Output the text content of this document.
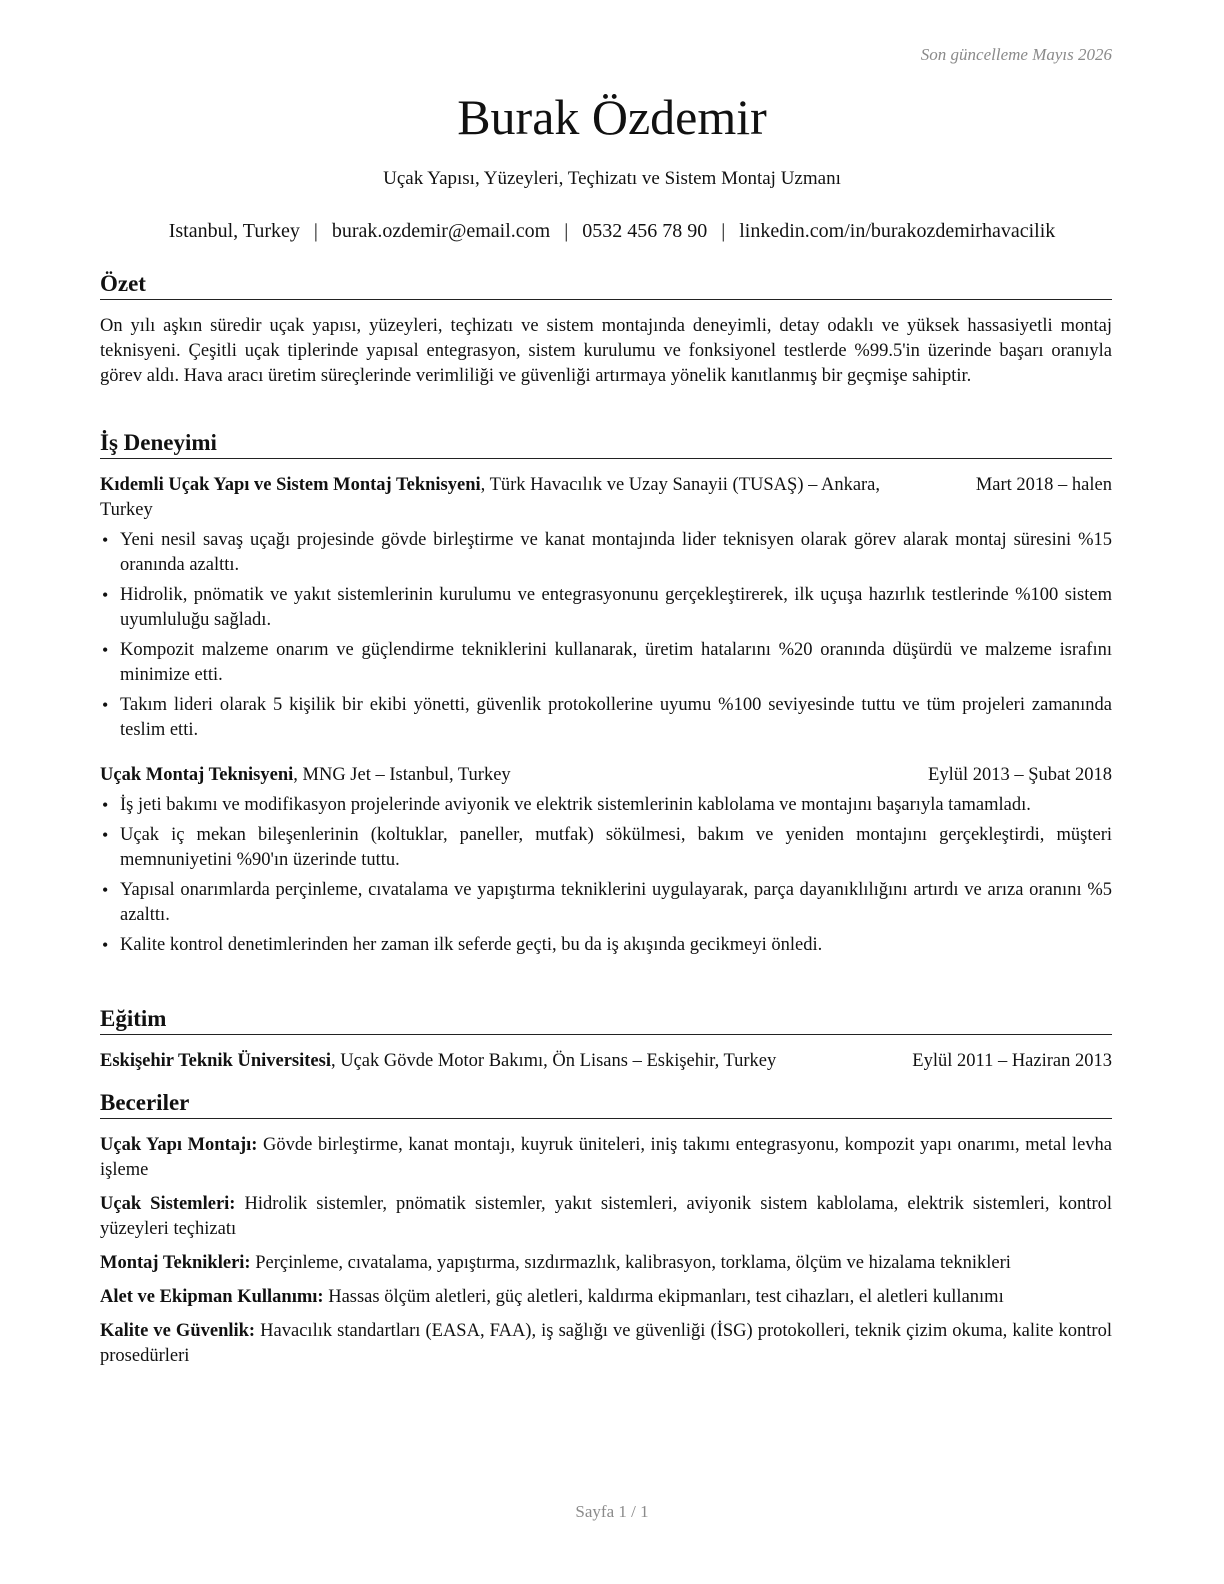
Son güncelleme Mayıs 2026
Burak Özdemir
Uçak Yapısı, Yüzeyleri, Teçhizatı ve Sistem Montaj Uzmanı
Istanbul, Turkey | burak.ozdemir@email.com | 0532 456 78 90 | linkedin.com/in/burakozdemirhavacilik
Özet
On yılı aşkın süredir uçak yapısı, yüzeyleri, teçhizatı ve sistem montajında deneyimli, detay odaklı ve yüksek hassasiyetli montaj teknisyeni. Çeşitli uçak tiplerinde yapısal entegrasyon, sistem kurulumu ve fonksiyonel testlerde %99.5'in üzerinde başarı oranıyla görev aldı. Hava aracı üretim süreçlerinde verimliliği ve güvenliği artırmaya yönelik kanıtlanmış bir geçmişe sahiptir.
İş Deneyimi
Kıdemli Uçak Yapı ve Sistem Montaj Teknisyeni, Türk Havacılık ve Uzay Sanayii (TUSAŞ) – Ankara, Turkey
Mart 2018 – halen
• Yeni nesil savaş uçağı projesinde gövde birleştirme ve kanat montajında lider teknisyen olarak görev alarak montaj süresini %15 oranında azalttı.
• Hidrolik, pnömatik ve yakıt sistemlerinin kurulumu ve entegrasyonunu gerçekleştirerek, ilk uçuşa hazırlık testlerinde %100 sistem uyumluluğu sağladı.
• Kompozit malzeme onarım ve güçlendirme tekniklerini kullanarak, üretim hatalarını %20 oranında düşürdü ve malzeme israfını minimize etti.
• Takım lideri olarak 5 kişilik bir ekibi yönetti, güvenlik protokollerine uyumu %100 seviyesinde tuttu ve tüm projeleri zamanında teslim etti.
Uçak Montaj Teknisyeni, MNG Jet – Istanbul, Turkey	Eylül 2013 – Şubat 2018
• İş jeti bakımı ve modifikasyon projelerinde aviyonik ve elektrik sistemlerinin kablolama ve montajını başarıyla tamamladı.
• Uçak iç mekan bileşenlerinin (koltuklar, paneller, mutfak) sökülmesi, bakım ve yeniden montajını gerçekleştirdi, müşteri memnuniyetini %90'ın üzerinde tuttu.
• Yapısal onarımlarda perçinleme, cıvatalama ve yapıştırma tekniklerini uygulayarak, parça dayanıklılığını artırdı ve arıza oranını %5 azalttı.
• Kalite kontrol denetimlerinden her zaman ilk seferde geçti, bu da iş akışında gecikmeyi önledi.
Eğitim
Eskişehir Teknik Üniversitesi, Uçak Gövde Motor Bakımı, Ön Lisans – Eskişehir, Turkey	Eylül 2011 – Haziran 2013
Beceriler
Uçak Yapı Montajı: Gövde birleştirme, kanat montajı, kuyruk üniteleri, iniş takımı entegrasyonu, kompozit yapı onarımı, metal levha işleme
Uçak Sistemleri: Hidrolik sistemler, pnömatik sistemler, yakıt sistemleri, aviyonik sistem kablolama, elektrik sistemleri, kontrol yüzeyleri teçhizatı
Montaj Teknikleri: Perçinleme, cıvatalama, yapıştırma, sızdırmazlık, kalibrasyon, torklama, ölçüm ve hizalama teknikleri
Alet ve Ekipman Kullanımı: Hassas ölçüm aletleri, güç aletleri, kaldırma ekipmanları, test cihazları, el aletleri kullanımı
Kalite ve Güvenlik: Havacılık standartları (EASA, FAA), iş sağlığı ve güvenliği (İSG) protokolleri, teknik çizim okuma, kalite kontrol prosedürleri
Sayfa 1 / 1
